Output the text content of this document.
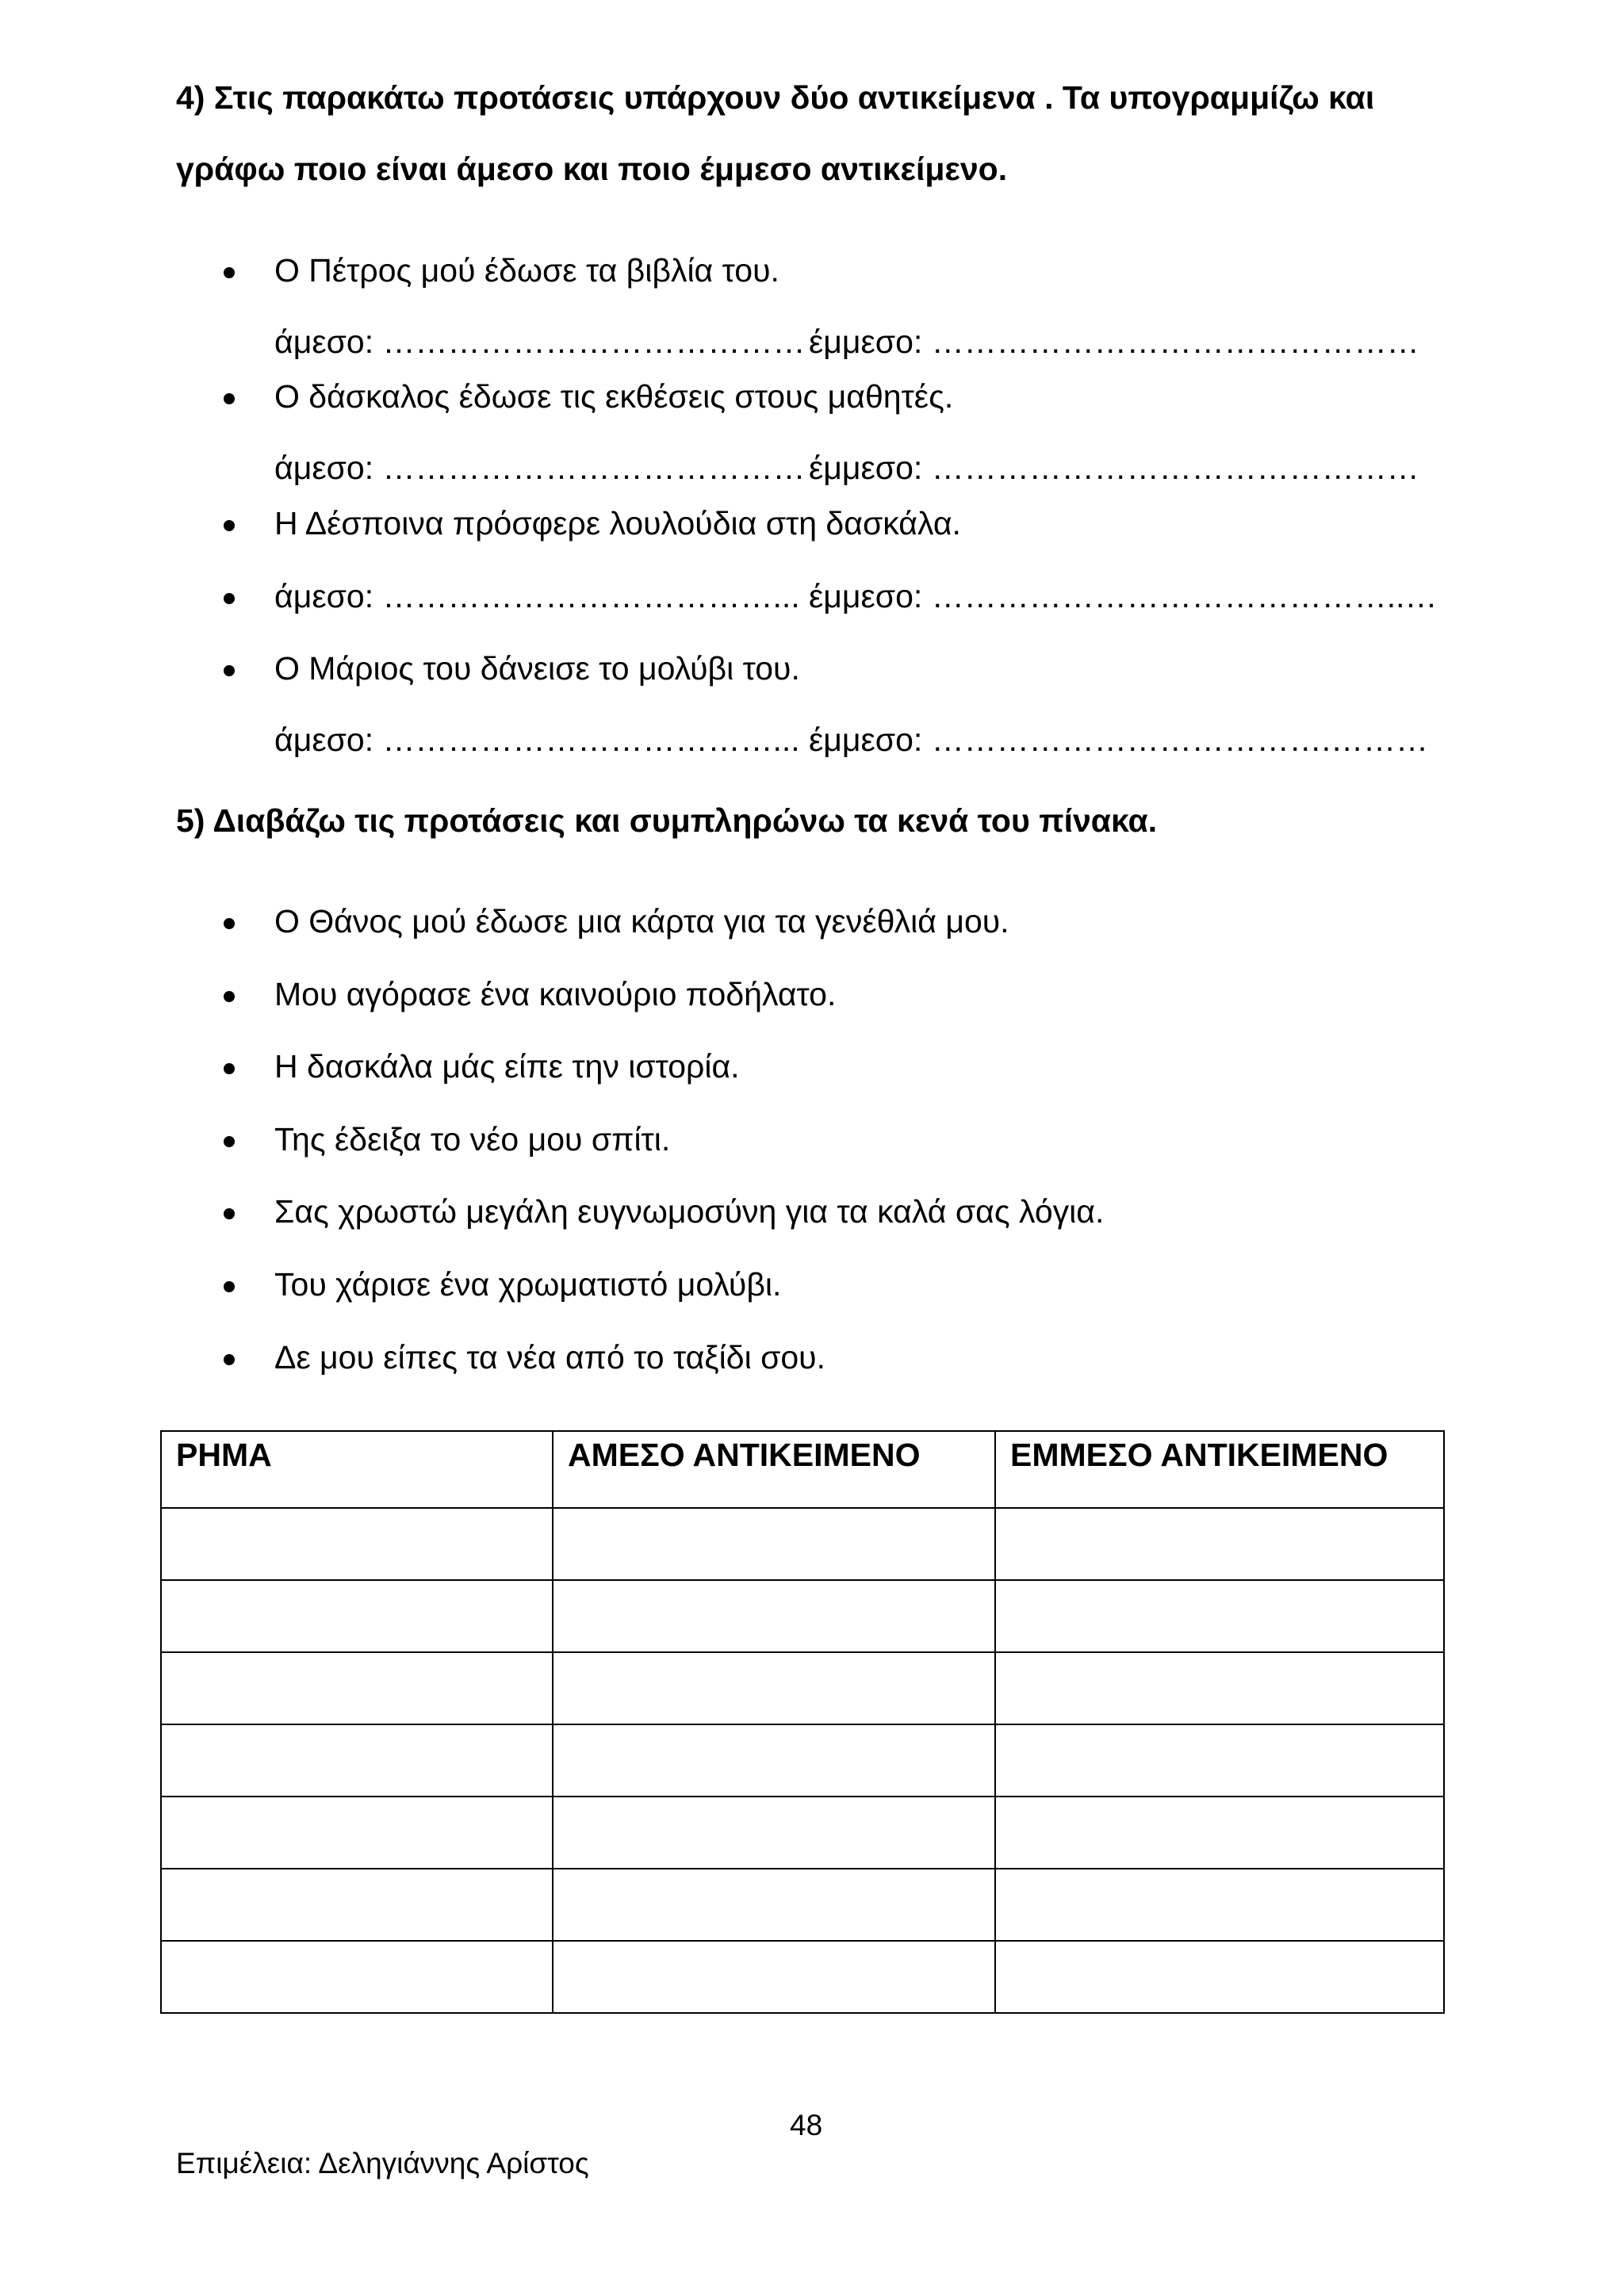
4) Στις παρακάτω προτάσεις υπάρχουν δύο αντικείμενα . Τα υπογραμμίζω και
γράφω ποιο είναι άμεσο και ποιο έμμεσο αντικείμενο.
Ο Πέτρος μού έδωσε τα βιβλία του.
άμεσο: ………………………………… έμμεσο: ………………………………………
Ο δάσκαλος έδωσε τις εκθέσεις στους μαθητές.
άμεσο: ………………………………… έμμεσο: ………………………………………
Η Δέσποινα πρόσφερε λουλούδια στη δασκάλα.
άμεσο: ………………………………... έμμεσο: ……………………………………..…
Ο Μάριος του δάνεισε το μολύβι του.
άμεσο: ………………………………... έμμεσο: ……………………………….………
5) Διαβάζω τις προτάσεις και συμπληρώνω τα κενά του πίνακα.
Ο Θάνος μού έδωσε μια κάρτα για τα γενέθλιά μου.
Μου αγόρασε ένα καινούριο ποδήλατο.
Η δασκάλα μάς είπε την ιστορία.
Της έδειξα το νέο μου σπίτι.
Σας χρωστώ μεγάλη ευγνωμοσύνη για τα καλά σας λόγια.
Του χάρισε ένα χρωματιστό μολύβι.
Δε μου είπες τα νέα από το ταξίδι σου.
ΡΗΜΑ	ΑΜΕΣΟ ΑΝΤΙΚΕΙΜΕΝΟ	ΕΜΜΕΣΟ ΑΝΤΙΚΕΙΜΕΝΟ

48
Επιμέλεια: Δεληγιάννης Αρίστος
